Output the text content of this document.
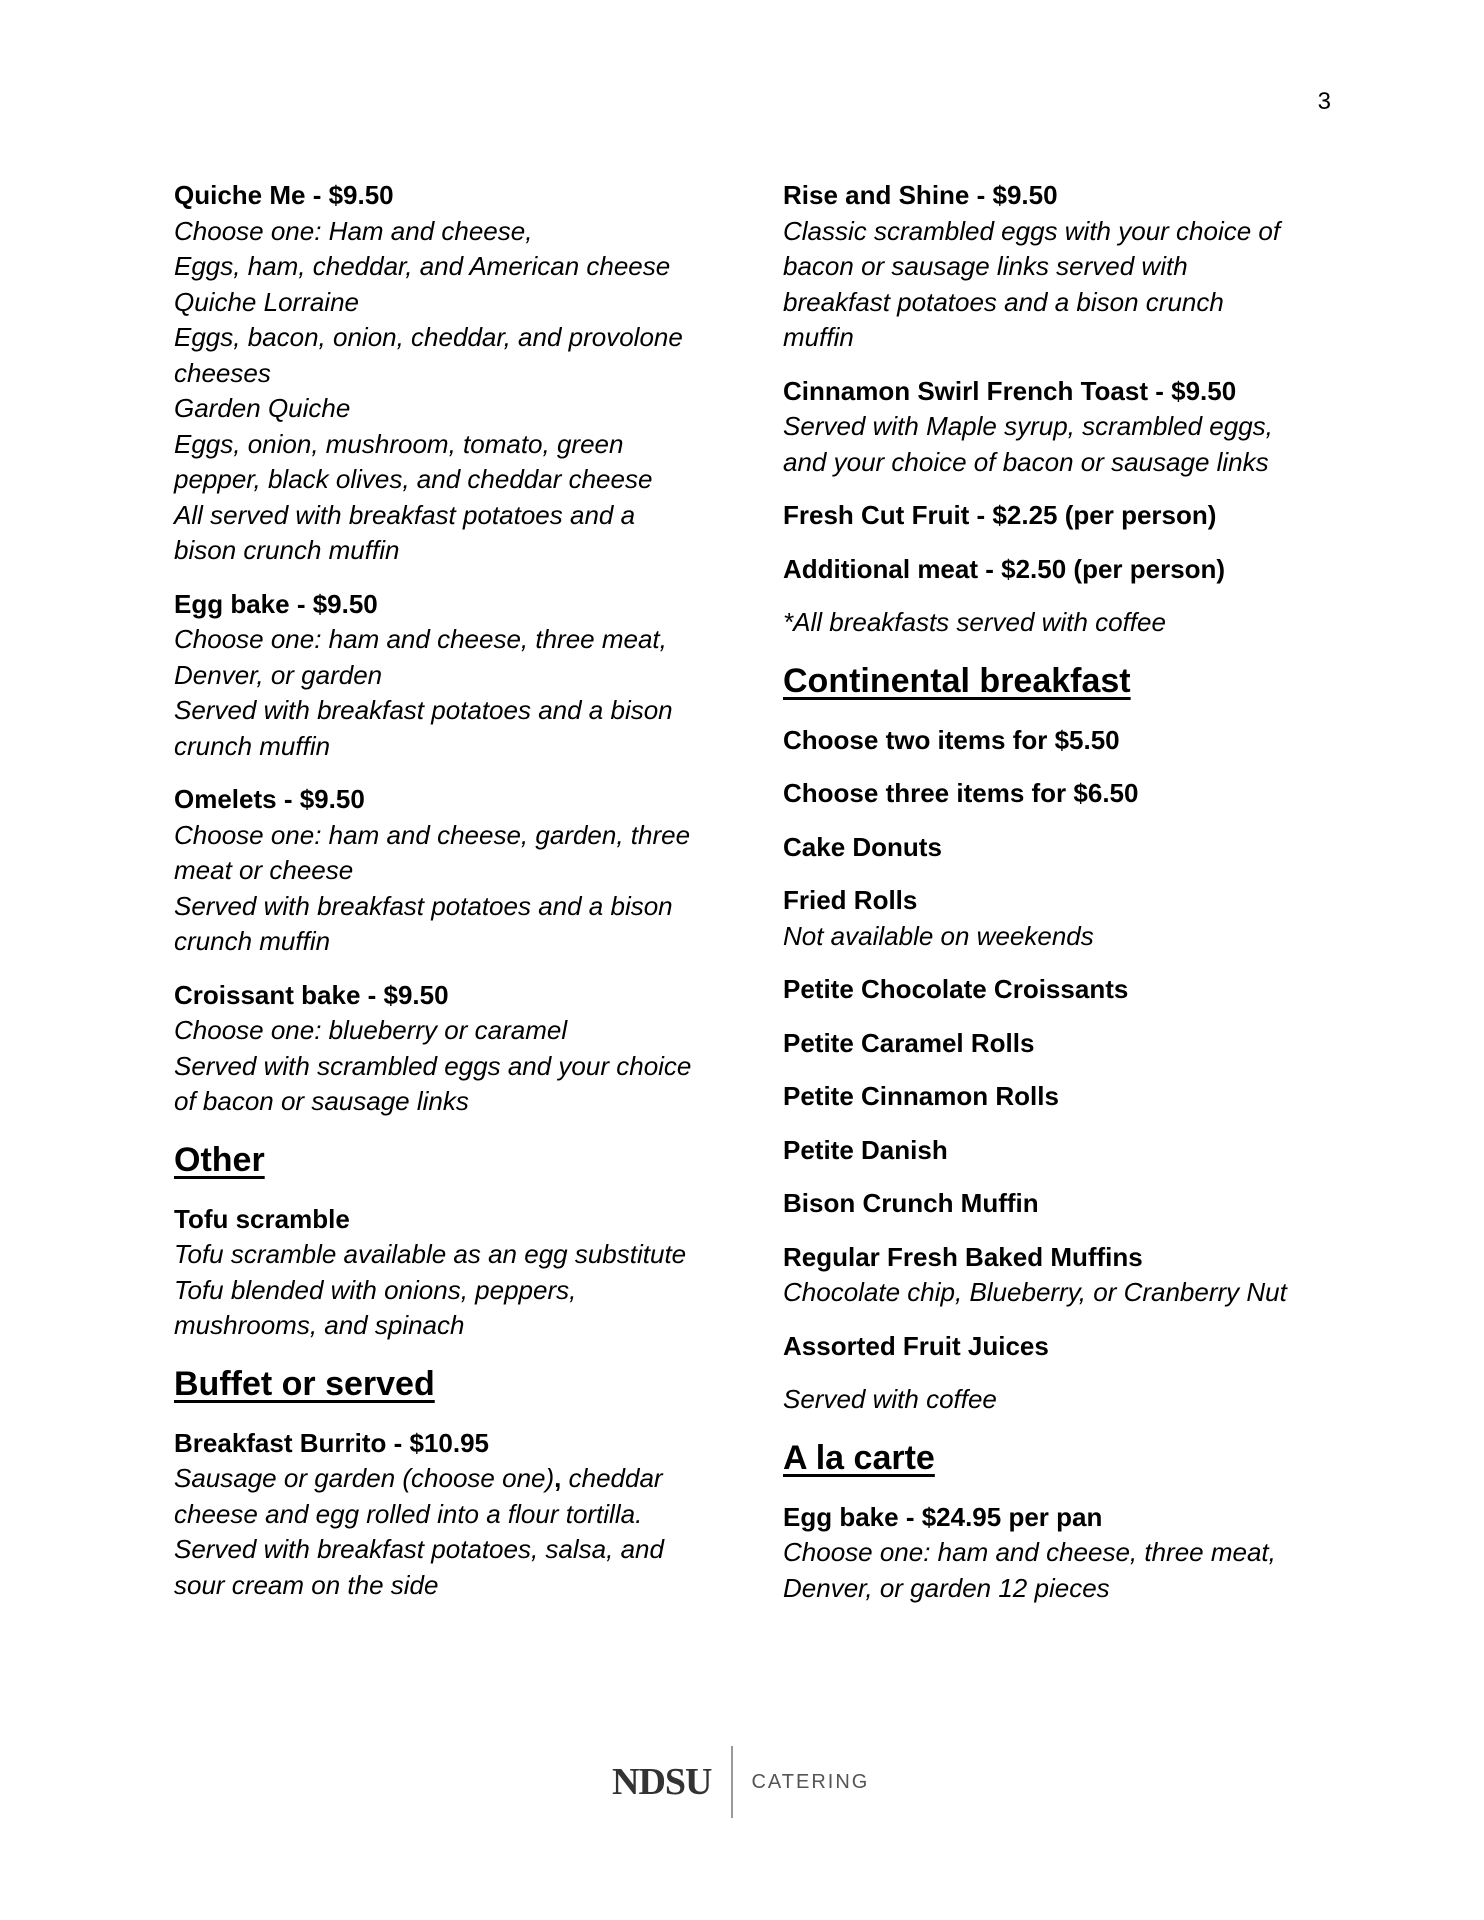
3
Quiche Me - $9.50
Choose one: Ham and cheese,
Eggs, ham, cheddar, and American cheese
Quiche Lorraine
Eggs, bacon, onion, cheddar, and provolone
cheeses
Garden Quiche
Eggs, onion, mushroom, tomato, green
pepper, black olives, and cheddar cheese
All served with breakfast potatoes and a
bison crunch muffin
Egg bake - $9.50
Choose one: ham and cheese, three meat,
Denver, or garden
Served with breakfast potatoes and a bison
crunch muffin
Omelets - $9.50
Choose one: ham and cheese, garden, three
meat or cheese
Served with breakfast potatoes and a bison
crunch muffin
Croissant bake - $9.50
Choose one: blueberry or caramel
Served with scrambled eggs and your choice
of bacon or sausage links
Other
Tofu scramble
Tofu scramble available as an egg substitute
Tofu blended with onions, peppers,
mushrooms, and spinach
Buffet or served
Breakfast Burrito - $10.95
Sausage or garden (choose one), cheddar
cheese and egg rolled into a flour tortilla.
Served with breakfast potatoes, salsa, and
sour cream on the side
Rise and Shine - $9.50
Classic scrambled eggs with your choice of
bacon or sausage links served with
breakfast potatoes and a bison crunch
muffin
Cinnamon Swirl French Toast - $9.50
Served with Maple syrup, scrambled eggs,
and your choice of bacon or sausage links
Fresh Cut Fruit - $2.25 (per person)
Additional meat - $2.50 (per person)
*All breakfasts served with coffee
Continental breakfast
Choose two items for $5.50
Choose three items for $6.50
Cake Donuts
Fried Rolls
Not available on weekends
Petite Chocolate Croissants
Petite Caramel Rolls
Petite Cinnamon Rolls
Petite Danish
Bison Crunch Muffin
Regular Fresh Baked Muffins
Chocolate chip, Blueberry, or Cranberry Nut
Assorted Fruit Juices
Served with coffee
A la carte
Egg bake - $24.95 per pan
Choose one: ham and cheese, three meat,
Denver, or garden 12 pieces
NDSU CATERING
